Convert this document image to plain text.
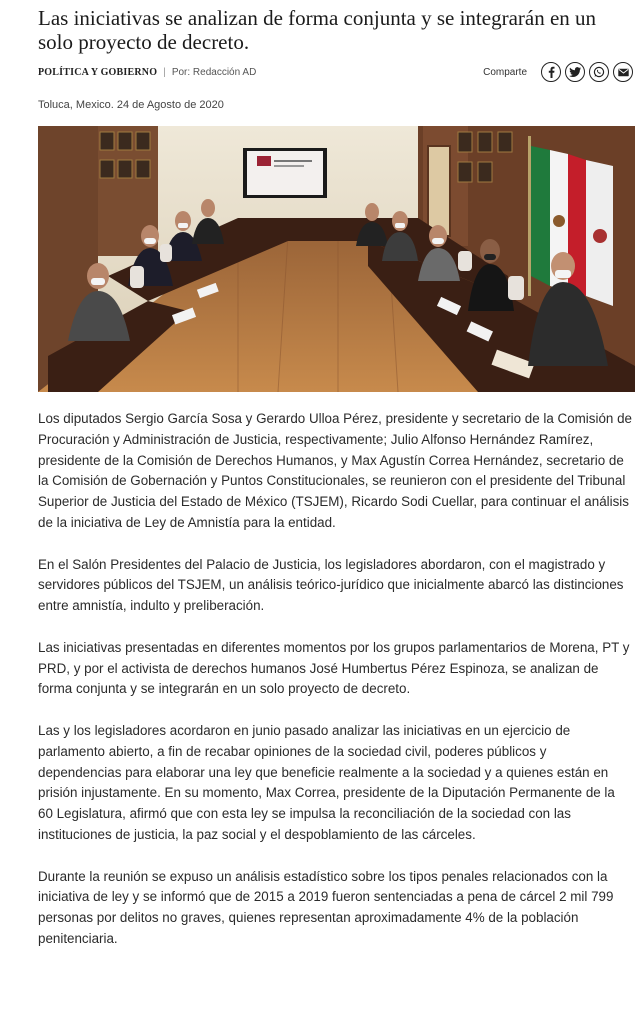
Las iniciativas se analizan de forma conjunta y se integrarán en un solo proyecto de decreto.
POLÍTICA Y GOBIERNO | Por: Redacción AD	Comparte
Toluca, Mexico. 24 de Agosto de 2020

Los diputados Sergio García Sosa y Gerardo Ulloa Pérez, presidente y secretario de la Comisión de Procuración y Administración de Justicia, respectivamente; Julio Alfonso Hernández Ramírez, presidente de la Comisión de Derechos Humanos, y Max Agustín Correa Hernández, secretario de la Comisión de Gobernación y Puntos Constitucionales, se reunieron con el presidente del Tribunal Superior de Justicia del Estado de México (TSJEM), Ricardo Sodi Cuellar, para continuar el análisis de la iniciativa de Ley de Amnistía para la entidad.

En el Salón Presidentes del Palacio de Justicia, los legisladores abordaron, con el magistrado y servidores públicos del TSJEM, un análisis teórico-jurídico que inicialmente abarcó las distinciones entre amnistía, indulto y preliberación.

Las iniciativas presentadas en diferentes momentos por los grupos parlamentarios de Morena, PT y PRD, y por el activista de derechos humanos José Humbertus Pérez Espinoza, se analizan de forma conjunta y se integrarán en un solo proyecto de decreto.

Las y los legisladores acordaron en junio pasado analizar las iniciativas en un ejercicio de parlamento abierto, a fin de recabar opiniones de la sociedad civil, poderes públicos y dependencias para elaborar una ley que beneficie realmente a la sociedad y a quienes están en prisión injustamente. En su momento, Max Correa, presidente de la Diputación Permanente de la 60 Legislatura, afirmó que con esta ley se impulsa la reconciliación de la sociedad con las instituciones de justicia, la paz social y el despoblamiento de las cárceles.

Durante la reunión se expuso un análisis estadístico sobre los tipos penales relacionados con la iniciativa de ley y se informó que de 2015 a 2019 fueron sentenciadas a pena de cárcel 2 mil 799 personas por delitos no graves, quienes representan aproximadamente 4% de la población penitenciaria.
